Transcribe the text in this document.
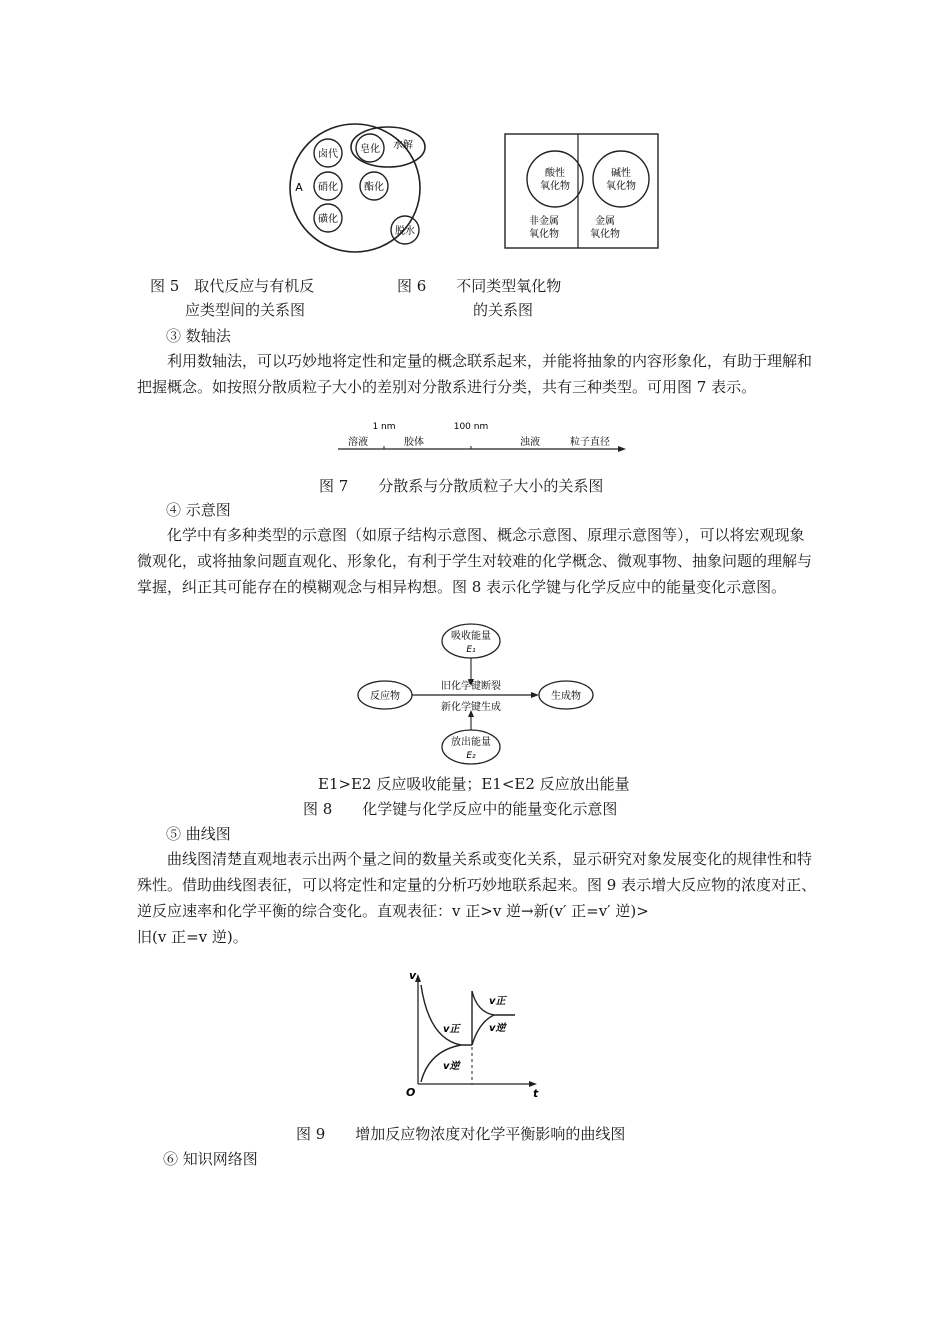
卤代 皂化 水解
硝化	酯化
磺化
脱水
A
酸性
氧化物
碱性
氧化物
非金属
氧化物
金属
氧化物
图 5　取代反应与有机反
应类型间的关系图
图 6　　不同类型氧化物
的关系图
③ 数轴法

利用数轴法，可以巧妙地将定性和定量的概念联系起来，并能将抽象的内容形象化，有助于理解和把握概念。如按照分散质粒子大小的差别对分散系进行分类，共有三种类型。可用图 7 表示。

1 nm	100 nm
溶液	胶体	浊液	粒子直径
图 7　　分散系与分散质粒子大小的关系图
④ 示意图

化学中有多种类型的示意图（如原子结构示意图、概念示意图、原理示意图等），可以将宏观现象微观化，或将抽象问题直观化、形象化，有利于学生对较难的化学概念、微观事物、抽象问题的理解与掌握，纠正其可能存在的模糊观念与相异构想。图 8 表示化学键与化学反应中的能量变化示意图。

吸收能量
E₁
放出能量
E₂
反应物	生成物
旧化学键断裂
新化学键生成
E1>E2 反应吸收能量；E1<E2 反应放出能量
图 8　　化学键与化学反应中的能量变化示意图
⑤ 曲线图

曲线图清楚直观地表示出两个量之间的数量关系或变化关系，显示研究对象发展变化的规律性和特殊性。借助曲线图表征，可以将定性和定量的分析巧妙地联系起来。图 9 表示增大反应物的浓度对正、逆反应速率和化学平衡的综合变化。直观表征：v 正>v 逆→新(v′ 正=v′ 逆)>

旧(v 正=v 逆)。

v
t
O
v正
v逆
v正
v逆
图 9　　增加反应物浓度对化学平衡影响的曲线图
⑥ 知识网络图
